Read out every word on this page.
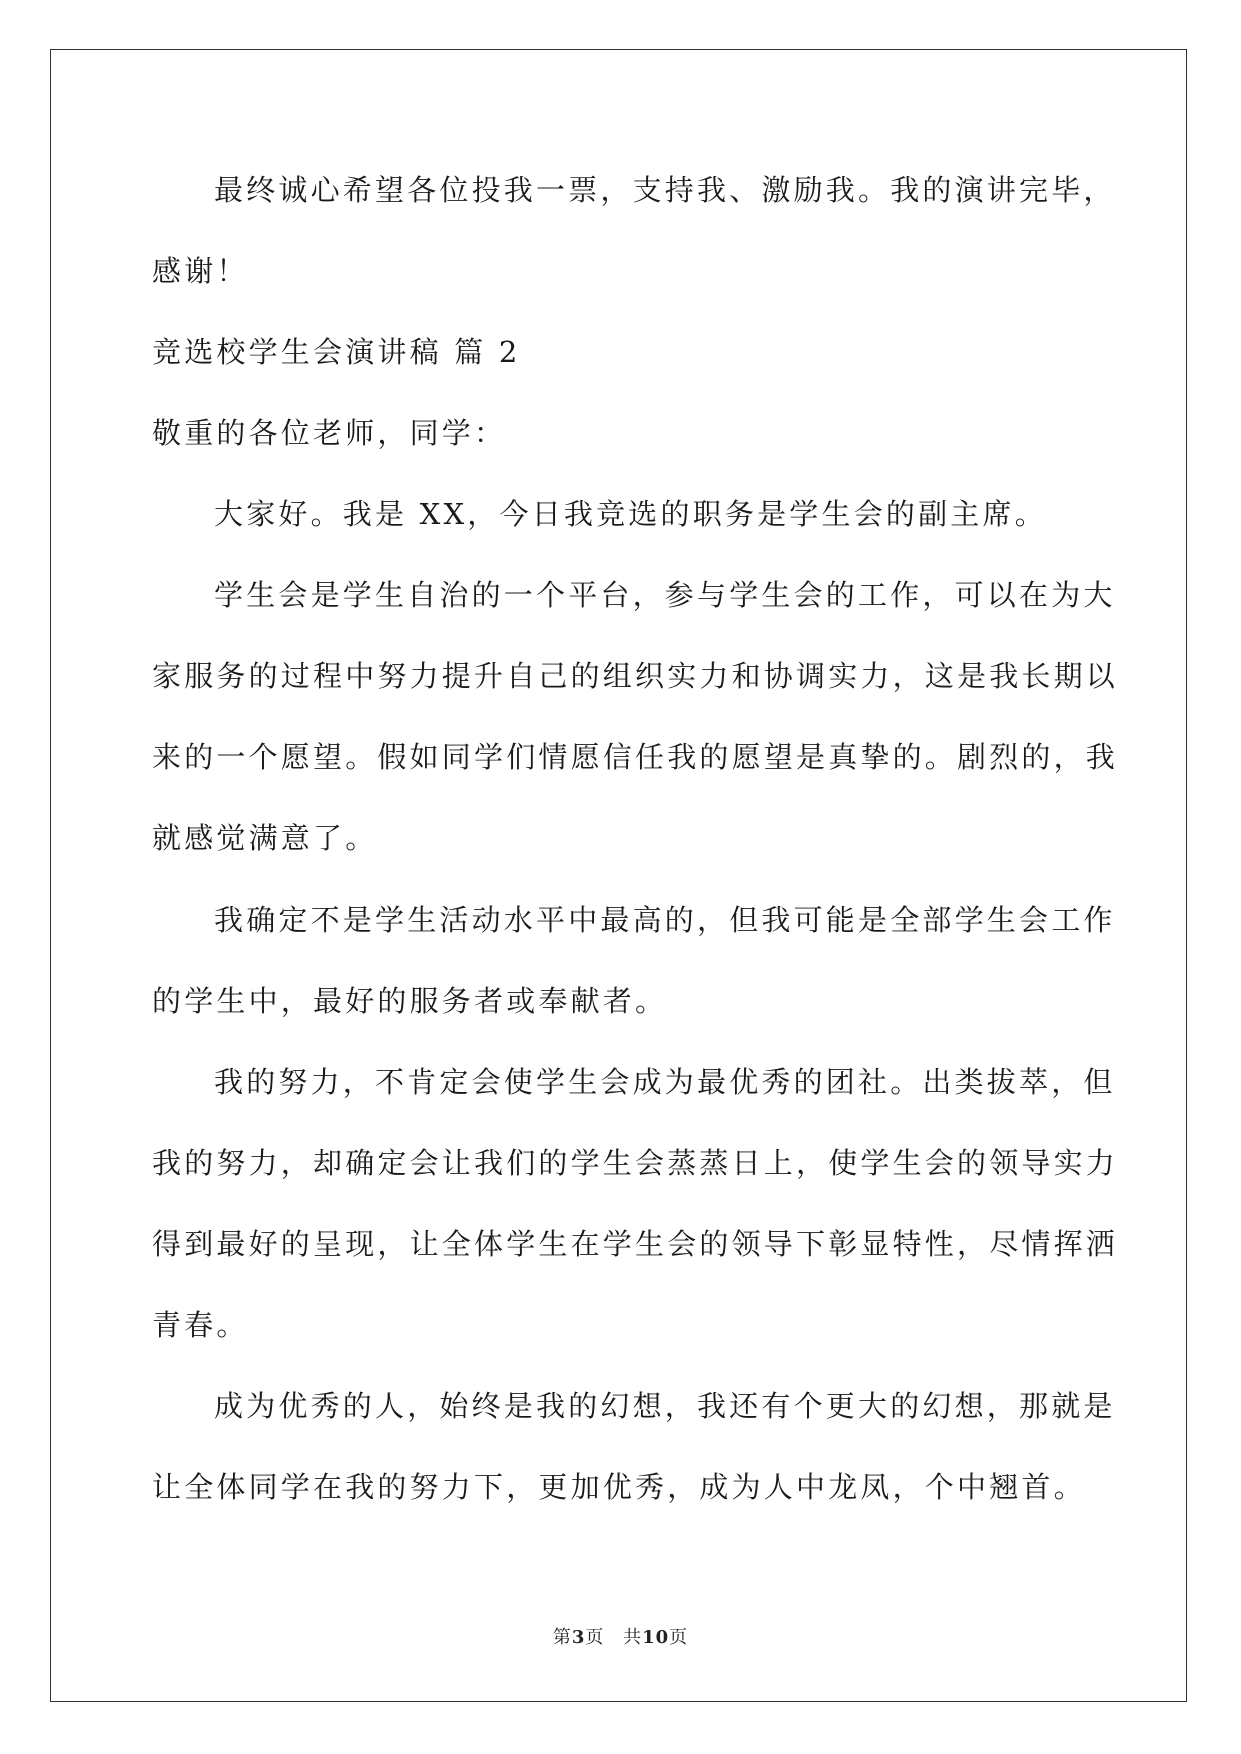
最终诚心希望各位投我一票，支持我、激励我。我的演讲完毕，
感谢！
竞选校学生会演讲稿 篇 2
敬重的各位老师，同学：
大家好。我是 XX，今日我竞选的职务是学生会的副主席。
学生会是学生自治的一个平台，参与学生会的工作，可以在为大
家服务的过程中努力提升自己的组织实力和协调实力，这是我长期以
来的一个愿望。假如同学们情愿信任我的愿望是真挚的。剧烈的，我
就感觉满意了。
我确定不是学生活动水平中最高的，但我可能是全部学生会工作
的学生中，最好的服务者或奉献者。
我的努力，不肯定会使学生会成为最优秀的团社。出类拔萃，但
我的努力，却确定会让我们的学生会蒸蒸日上，使学生会的领导实力
得到最好的呈现，让全体学生在学生会的领导下彰显特性，尽情挥洒
青春。
成为优秀的人，始终是我的幻想，我还有个更大的幻想，那就是
让全体同学在我的努力下，更加优秀，成为人中龙凤，个中翘首。
第3页 共10页
